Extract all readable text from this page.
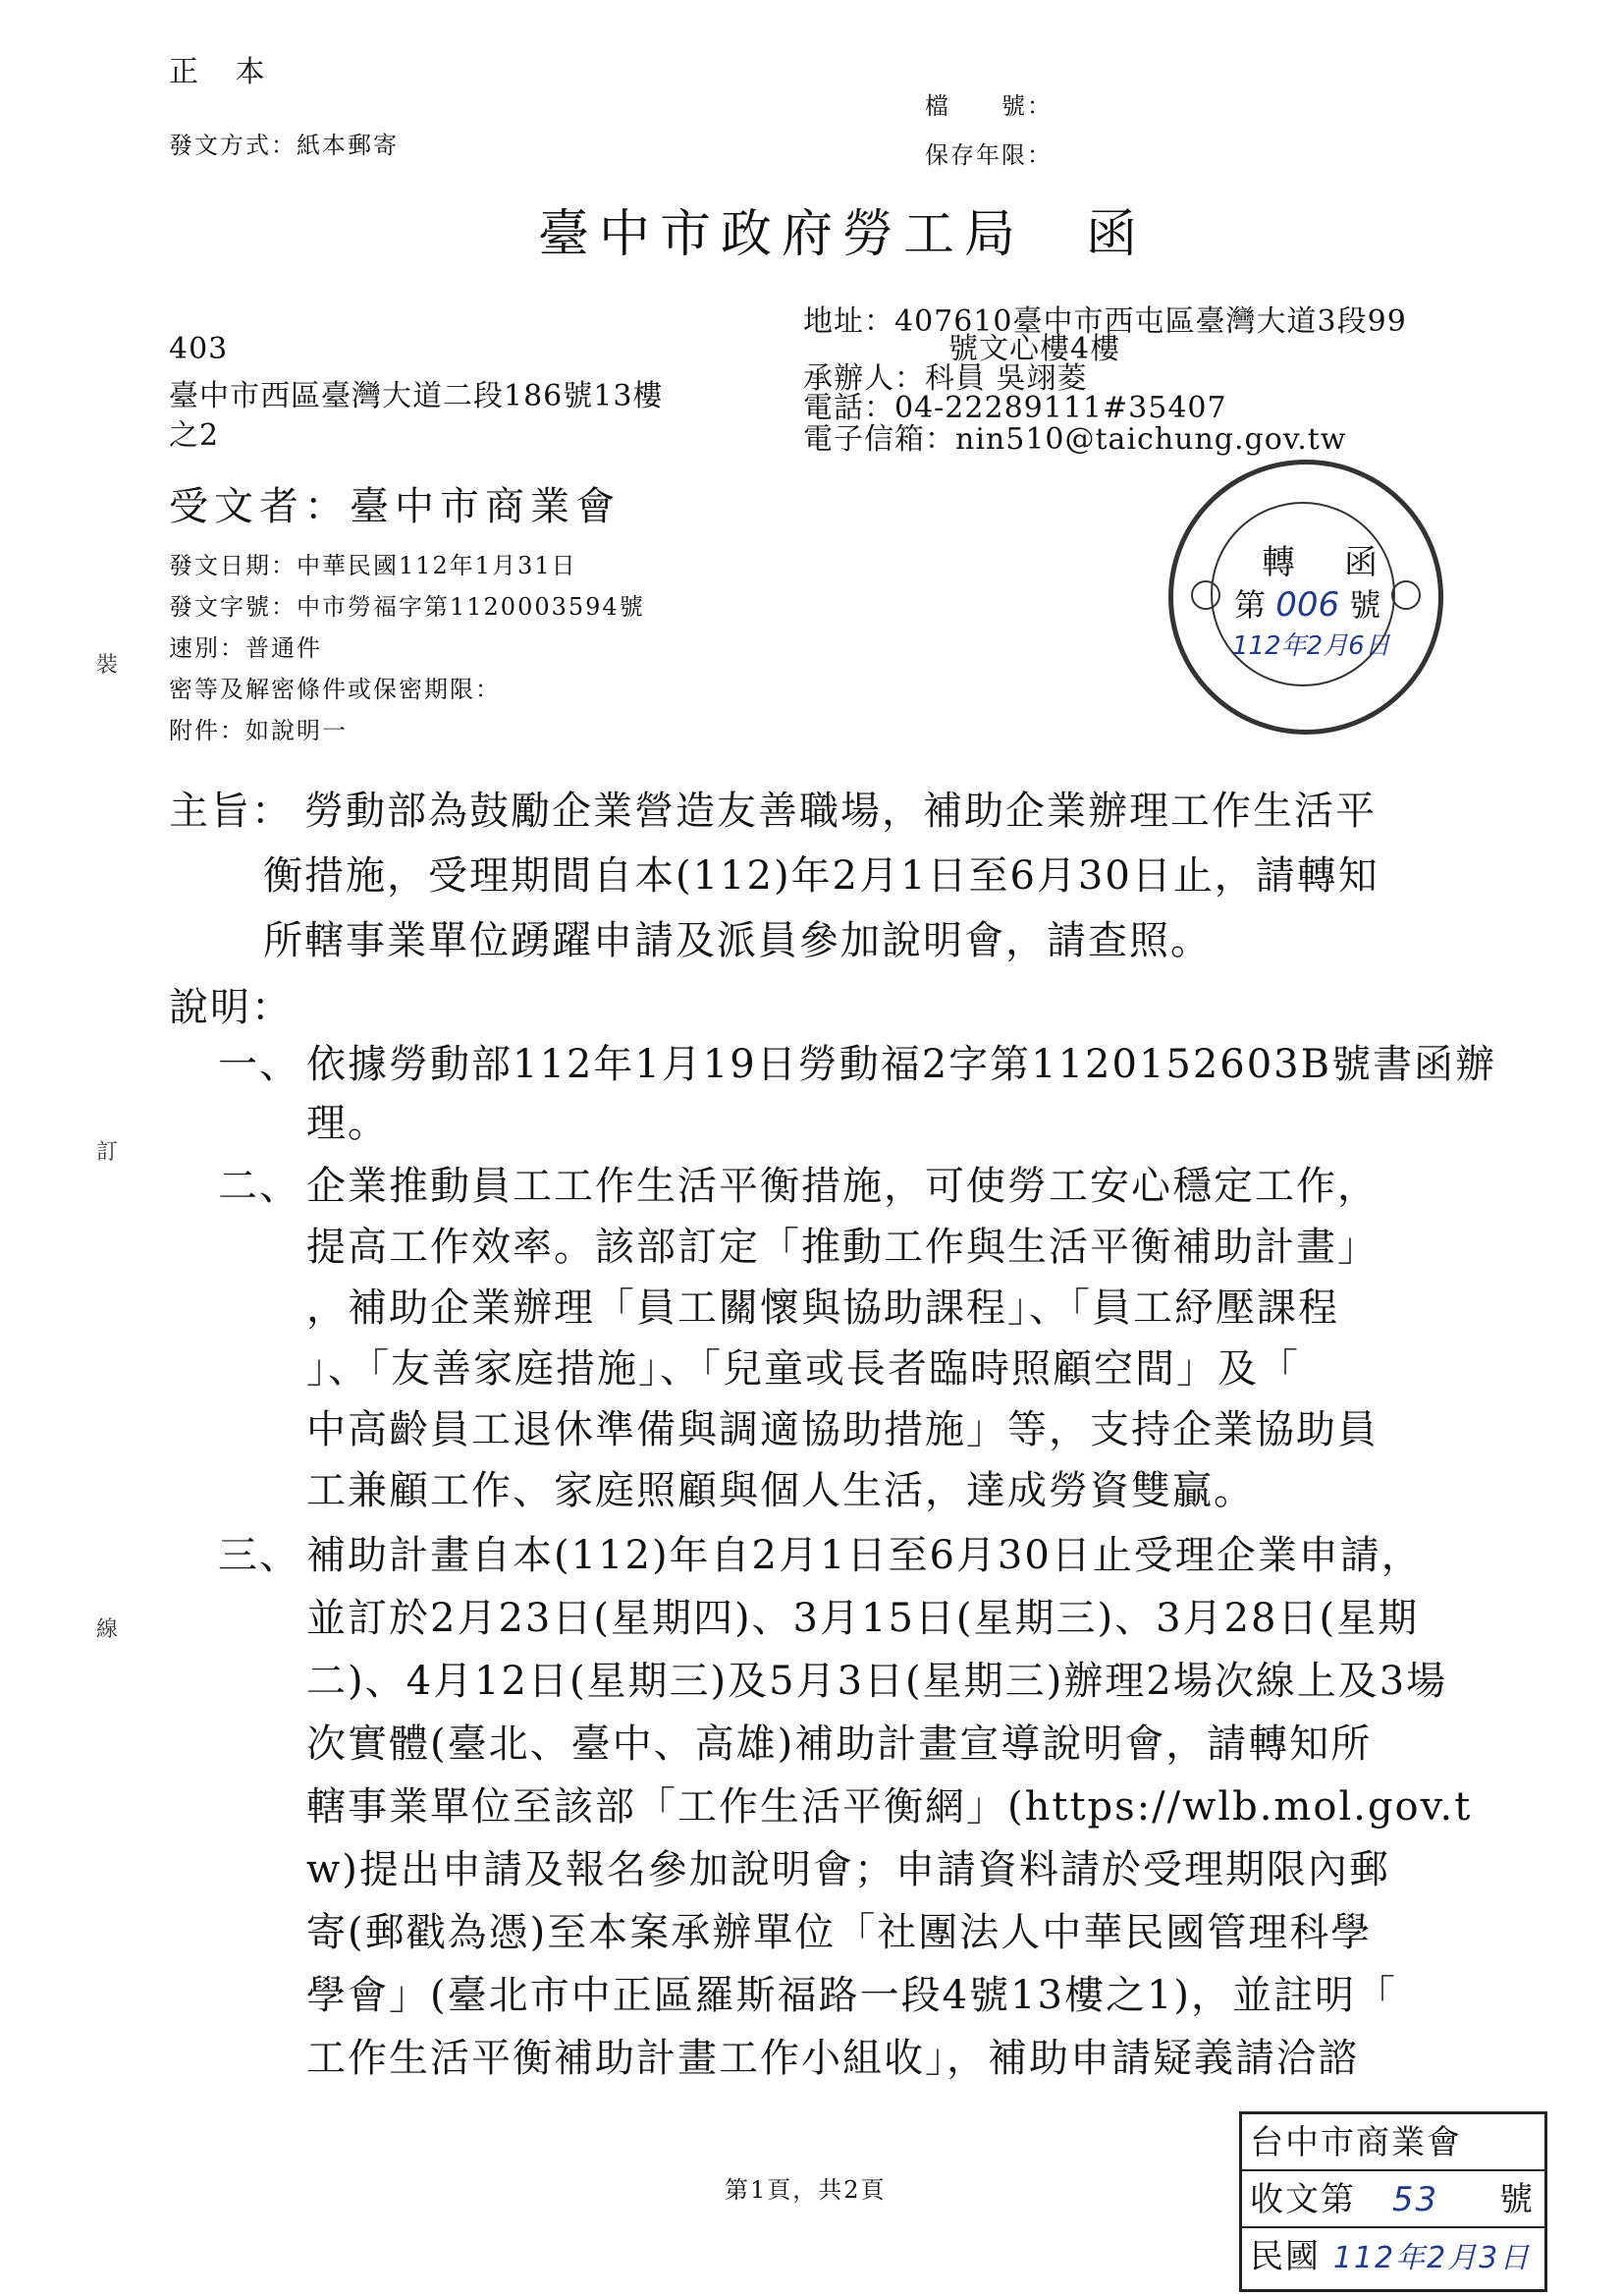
正 本
發文方式：紙本郵寄
檔　　號：
保存年限：
臺中市政府勞工局　函
地址：407610臺中市西屯區臺灣大道3段99
號文心樓4樓
承辦人：科員 吳翊菱
電話：04-22289111#35407
電子信箱：nin510@taichung.gov.tw
403
臺中市西區臺灣大道二段186號13樓
之2
受文者：臺中市商業會
發文日期：中華民國112年1月31日
發文字號：中市勞福字第1120003594號
速別：普通件
密等及解密條件或保密期限：
附件：如說明一
裝
訂
線
轉　函
第 006 號
112年2月6日
主旨： 勞動部為鼓勵企業營造友善職場，補助企業辦理工作生活平
衡措施，受理期間自本(112)年2月1日至6月30日止，請轉知
所轄事業單位踴躍申請及派員參加說明會，請查照。
說明：
一、 依據勞動部112年1月19日勞動福2字第1120152603B號書函辦
理。
二、 企業推動員工工作生活平衡措施，可使勞工安心穩定工作，
提高工作效率。該部訂定「推動工作與生活平衡補助計畫」
，補助企業辦理「員工關懷與協助課程」、「員工紓壓課程
」、「友善家庭措施」、「兒童或長者臨時照顧空間」及「
中高齡員工退休準備與調適協助措施」等，支持企業協助員
工兼顧工作、家庭照顧與個人生活，達成勞資雙贏。
三、 補助計畫自本(112)年自2月1日至6月30日止受理企業申請，
並訂於2月23日(星期四)、3月15日(星期三)、3月28日(星期
二)、4月12日(星期三)及5月3日(星期三)辦理2場次線上及3場
次實體(臺北、臺中、高雄)補助計畫宣導說明會，請轉知所
轄事業單位至該部「工作生活平衡網」(https://wlb.mol.gov.t
w)提出申請及報名參加說明會；申請資料請於受理期限內郵
寄(郵戳為憑)至本案承辦單位「社團法人中華民國管理科學
學會」(臺北市中正區羅斯福路一段4號13樓之1)，並註明「
工作生活平衡補助計畫工作小組收」，補助申請疑義請洽諮
第1頁，共2頁
台中市商業會
收文第 53 號
民國 112年2月3日
